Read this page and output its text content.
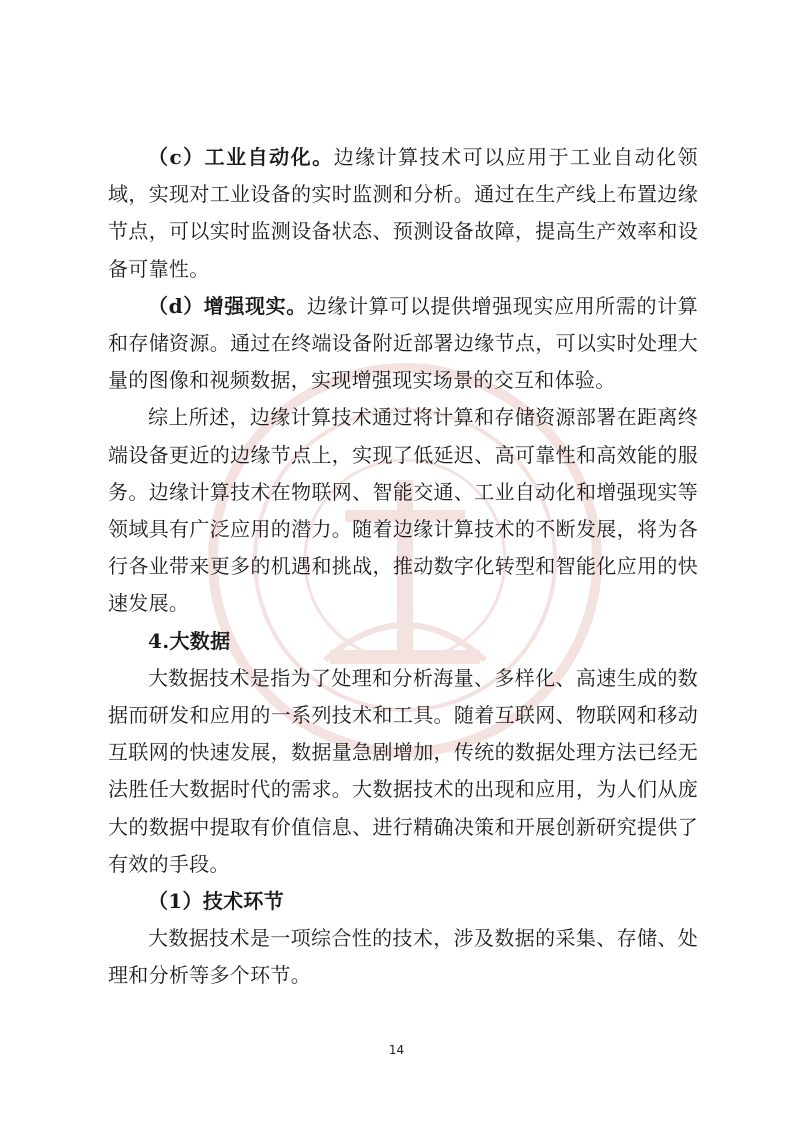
（c）工业自动化。边缘计算技术可以应用于工业自动化领域，实现对工业设备的实时监测和分析。通过在生产线上布置边缘节点，可以实时监测设备状态、预测设备故障，提高生产效率和设备可靠性。

（d）增强现实。边缘计算可以提供增强现实应用所需的计算和存储资源。通过在终端设备附近部署边缘节点，可以实时处理大量的图像和视频数据，实现增强现实场景的交互和体验。

综上所述，边缘计算技术通过将计算和存储资源部署在距离终端设备更近的边缘节点上，实现了低延迟、高可靠性和高效能的服务。边缘计算技术在物联网、智能交通、工业自动化和增强现实等领域具有广泛应用的潜力。随着边缘计算技术的不断发展，将为各行各业带来更多的机遇和挑战，推动数字化转型和智能化应用的快速发展。

4.大数据

大数据技术是指为了处理和分析海量、多样化、高速生成的数据而研发和应用的一系列技术和工具。随着互联网、物联网和移动互联网的快速发展，数据量急剧增加，传统的数据处理方法已经无法胜任大数据时代的需求。大数据技术的出现和应用，为人们从庞大的数据中提取有价值信息、进行精确决策和开展创新研究提供了有效的手段。

（1）技术环节

大数据技术是一项综合性的技术，涉及数据的采集、存储、处理和分析等多个环节。

14
